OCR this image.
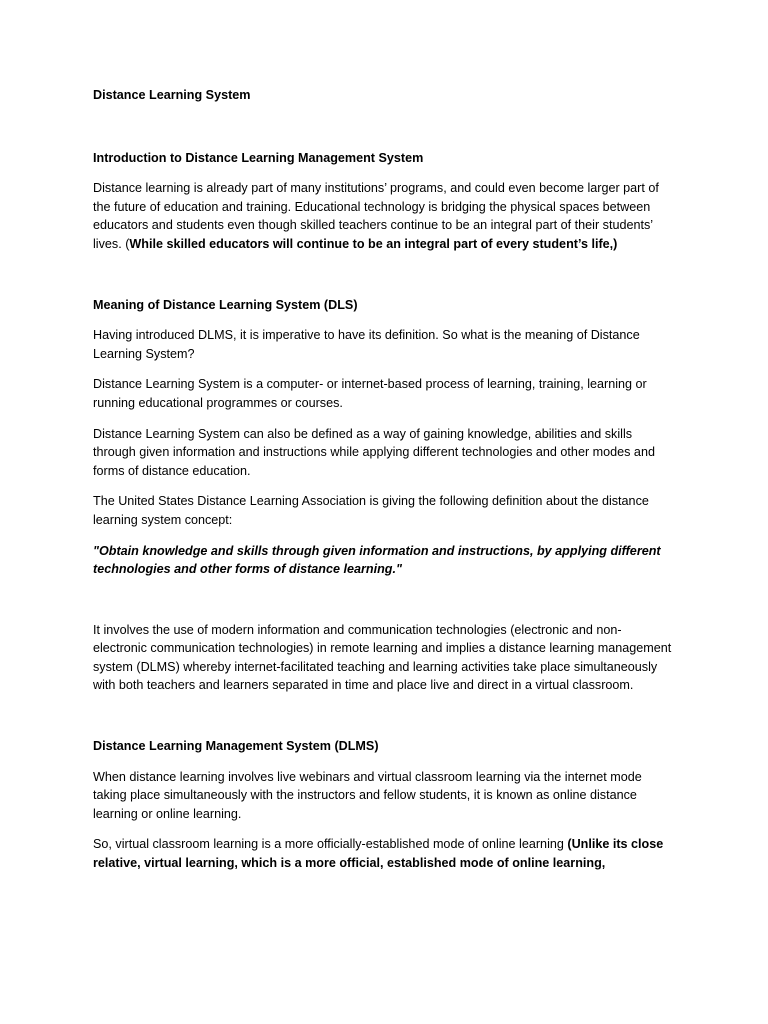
Distance Learning System

Introduction to Distance Learning Management System

Distance learning is already part of many institutions’ programs, and could even become larger part of the future of education and training. Educational technology is bridging the physical spaces between educators and students even though skilled teachers continue to be an integral part of their students’ lives. (While skilled educators will continue to be an integral part of every student’s life,)

Meaning of Distance Learning System (DLS)

Having introduced DLMS, it is imperative to have its definition. So what is the meaning of Distance Learning System?

Distance Learning System is a computer- or internet-based process of learning, training, learning or running educational programmes or courses.

Distance Learning System can also be defined as a way of gaining knowledge, abilities and skills through given information and instructions while applying different technologies and other modes and forms of distance education.

The United States Distance Learning Association is giving the following definition about the distance learning system concept:

"Obtain knowledge and skills through given information and instructions, by applying different technologies and other forms of distance learning."

It involves the use of modern information and communication technologies (electronic and non-electronic communication technologies) in remote learning and implies a distance learning management system (DLMS) whereby internet-facilitated teaching and learning activities take place simultaneously with both teachers and learners separated in time and place live and direct in a virtual classroom.

Distance Learning Management System (DLMS)

When distance learning involves live webinars and virtual classroom learning via the internet mode taking place simultaneously with the instructors and fellow students, it is known as online distance learning or online learning.

So, virtual classroom learning is a more officially-established mode of online learning (Unlike its close relative, virtual learning, which is a more official, established mode of online learning,
